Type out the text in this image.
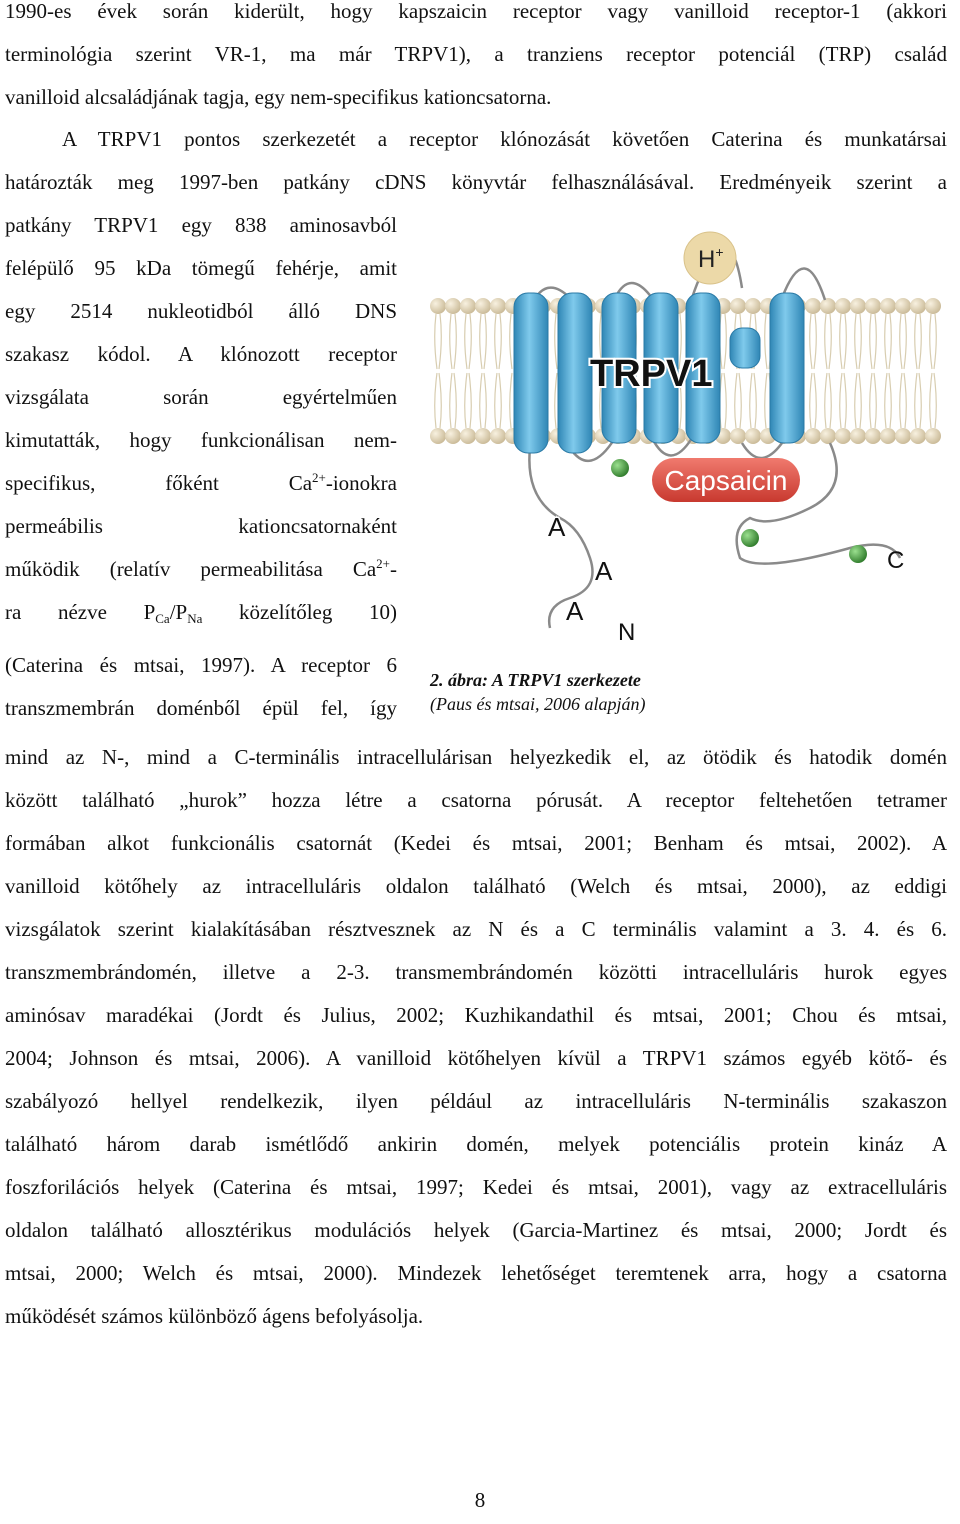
1990-es évek során kiderült, hogy kapszaicin receptor vagy vanilloid receptor-1 (akkori
terminológia szerint VR-1, ma már TRPV1), a tranziens receptor potenciál (TRP) család
vanilloid alcsaládjának tagja, egy nem-specifikus kationcsatorna.
A TRPV1 pontos szerkezetét a receptor klónozását követően Caterina és munkatársai
határozták meg 1997-ben patkány cDNS könyvtár felhasználásával. Eredményeik szerint a
patkány TRPV1 egy 838 aminosavból
felépülő 95 kDa tömegű fehérje, amit
egy 2514 nukleotidból álló DNS
szakasz kódol. A klónozott receptor
vizsgálata során egyértelműen
kimutatták, hogy funkcionálisan nem-
specifikus,	főként	$Ca^{2+}$-ionokra
permeábilis	kationcsatornaként
működik (relatív permeabilitása $Ca^{2+}-$
ra nézve $P_{Ca}/P_{Na}$ közelítőleg 10)
(Caterina és mtsai, 1997). A receptor 6
transzmembrán doménből épül fel, így
H+
TRPV1
Capsaicin
A
A
A
N
C
2. ábra: A TRPV1 szerkezete
(Paus és mtsai, 2006 alapján)
mind az N-, mind a C-terminális intracellulárisan helyezkedik el, az ötödik és hatodik domén
között található „hurok” hozza létre a csatorna pórusát. A receptor feltehetően tetramer
formában alkot funkcionális csatornát (Kedei és mtsai, 2001; Benham és mtsai, 2002). A
vanilloid kötőhely az intracelluláris oldalon található (Welch és mtsai, 2000), az eddigi
vizsgálatok szerint kialakításában résztvesznek az N és a C terminális valamint a 3. 4. és 6.
transzmembrándomén, illetve a 2-3. transmembrándomén közötti intracelluláris hurok egyes
aminósav maradékai (Jordt és Julius, 2002; Kuzhikandathil és mtsai, 2001; Chou és mtsai,
2004; Johnson és mtsai, 2006). A vanilloid kötőhelyen kívül a TRPV1 számos egyéb kötő- és
szabályozó hellyel rendelkezik, ilyen például az intracelluláris N-terminális szakaszon
található három darab ismétlődő ankirin domén, melyek potenciális protein kináz A
foszforilációs helyek (Caterina és mtsai, 1997; Kedei és mtsai, 2001), vagy az extracelluláris
oldalon található allosztérikus modulációs helyek (Garcia-Martinez és mtsai, 2000; Jordt és
mtsai, 2000; Welch és mtsai, 2000). Mindezek lehetőséget teremtenek arra, hogy a csatorna
működését számos különböző ágens befolyásolja.
8
